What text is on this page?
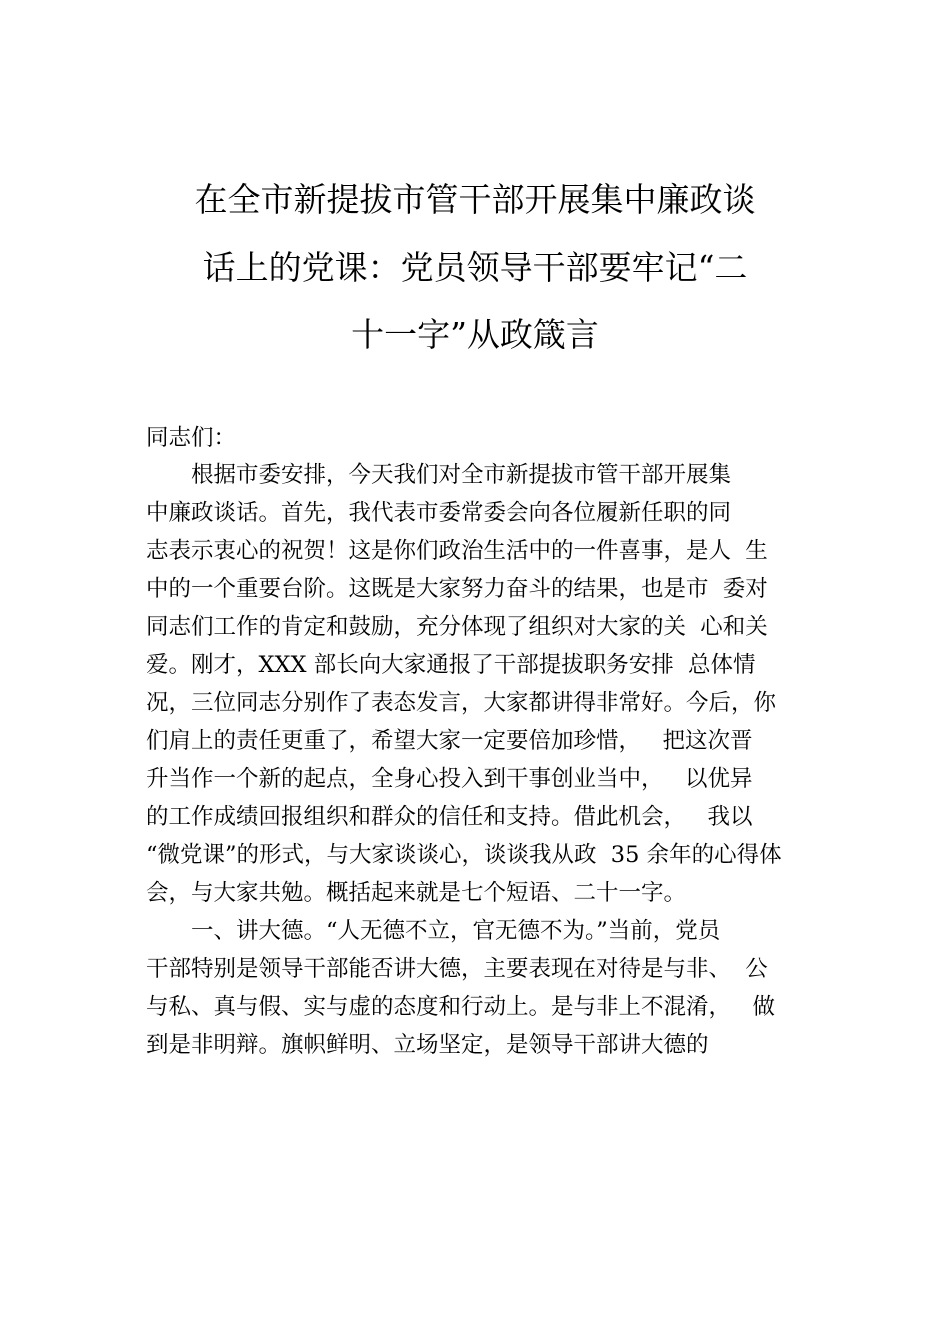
在全市新提拔市管干部开展集中廉政谈
话上的党课：党员领导干部要牢记“二
十一字”从政箴言
同志们：
　　根据市委安排，今天我们对全市新提拔市管干部开展集
中廉政谈话。首先，我代表市委常委会向各位履新任职的同
志表示衷心的祝贺！这是你们政治生活中的一件喜事，是人  生
中的一个重要台阶。这既是大家努力奋斗的结果，也是市  委对
同志们工作的肯定和鼓励，充分体现了组织对大家的关  心和关
爱。刚才，XXX 部长向大家通报了干部提拔职务安排  总体情
况，三位同志分别作了表态发言，大家都讲得非常好。今后，你
们肩上的责任更重了，希望大家一定要倍加珍惜，   把这次晋
升当作一个新的起点，全身心投入到干事创业当中，   以优异
的工作成绩回报组织和群众的信任和支持。借此机会，   我以
“微党课”的形式，与大家谈谈心，谈谈我从政  35 余年的心得体
会，与大家共勉。概括起来就是七个短语、二十一字。
　　一、讲大德。“人无德不立，官无德不为。”当前，党员
干部特别是领导干部能否讲大德，主要表现在对待是与非、  公
与私、真与假、实与虚的态度和行动上。是与非上不混淆，   做
到是非明辩。旗帜鲜明、立场坚定，是领导干部讲大德的
